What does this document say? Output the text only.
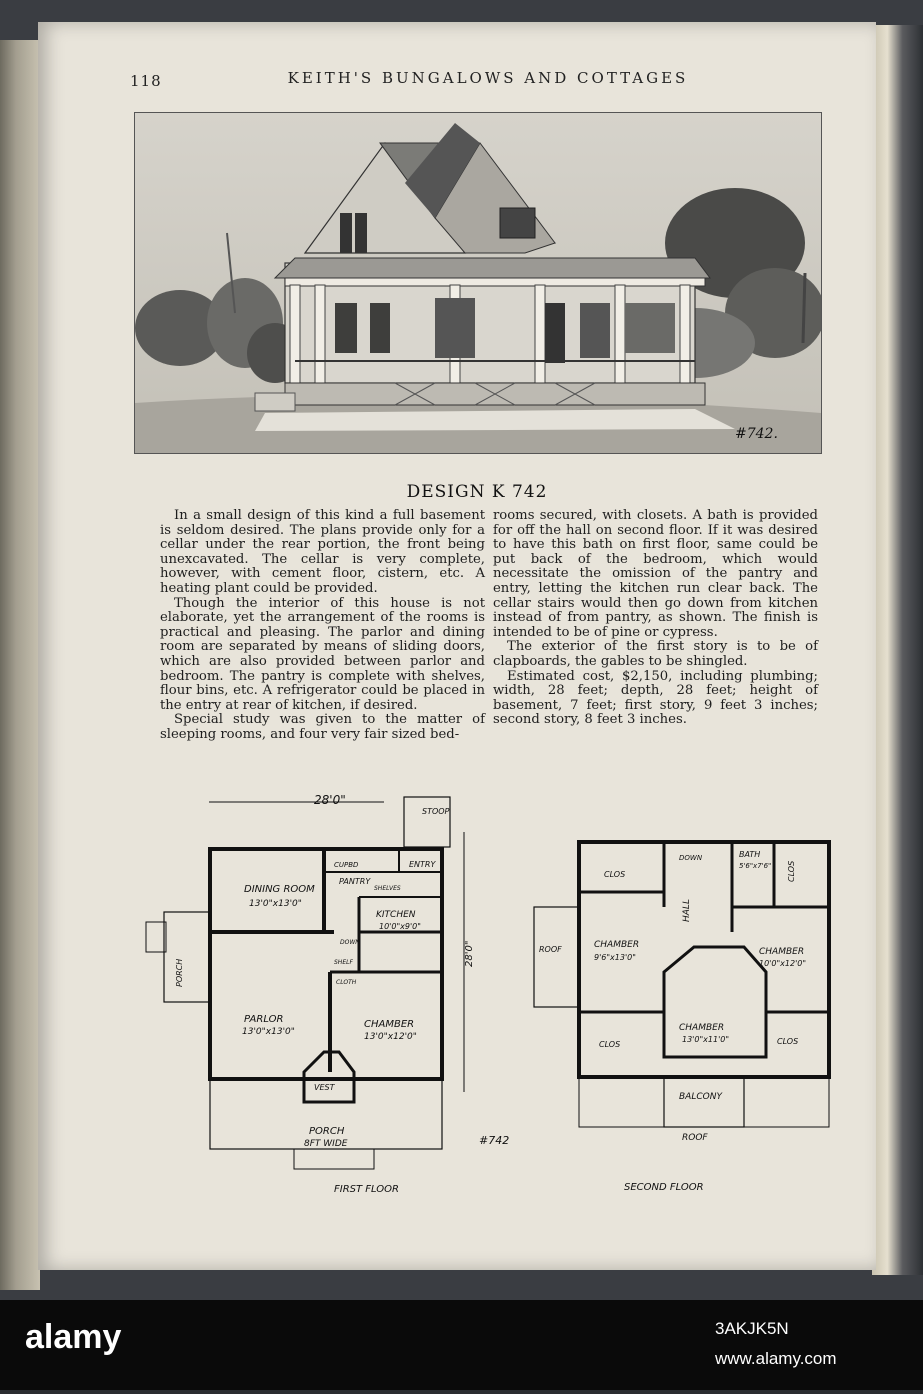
118	KEITH'S BUNGALOWS AND COTTAGES
#742.
DESIGN K 742

In a small design of this kind a full basement is seldom desired. The plans provide only for a cellar under the rear portion, the front being unexcavated. The cellar is very complete, however, with cement floor, cistern, etc. A heating plant could be provided.

Though the interior of this house is not elaborate, yet the arrangement of the rooms is practical and pleasing. The parlor and dining room are separated by means of sliding doors, which are also provided between parlor and bedroom. The pantry is complete with shelves, flour bins, etc. A refrigerator could be placed in the entry at rear of kitchen, if desired.

Special study was given to the matter of sleeping rooms, and four very fair sized bed-

rooms secured, with closets. A bath is provided for off the hall on second floor. If it was desired to have this bath on first floor, same could be put back of the bedroom, which would necessitate the omission of the pantry and entry, letting the kitchen run clear back. The cellar stairs would then go down from kitchen instead of from pantry, as shown. The finish is intended to be of pine or cypress.

The exterior of the first story is to be of clapboards, the gables to be shingled.

Estimated cost, $2,150, including plumbing; width, 28 feet; depth, 28 feet; height of basement, 7 feet; first story, 9 feet 3 inches; second story, 8 feet 3 inches.

28'0"
STOOP
DINING ROOM
13'0"x13'0"
CUPBD
PANTRY
ENTRY
SHELVES
KITCHEN
10'0"x9'0"
DOWN
SHELF
CLOTH
PARLOR
13'0"x13'0"
CHAMBER
13'0"x12'0"
VEST
PORCH
PORCH
8FT WIDE
28'0"
#742
FIRST FLOOR
CLOS	CLOS
CLOS	CLOS
DOWN	BATH
5'6"x7'6"
HALL
ROOF	CHAMBER
9'6"x13'0"
CHAMBER
10'0"x12'0"
CHAMBER
13'0"x11'0"
BALCONY
ROOF
SECOND FLOOR
alamy	3AKJK5N
www.alamy.com
